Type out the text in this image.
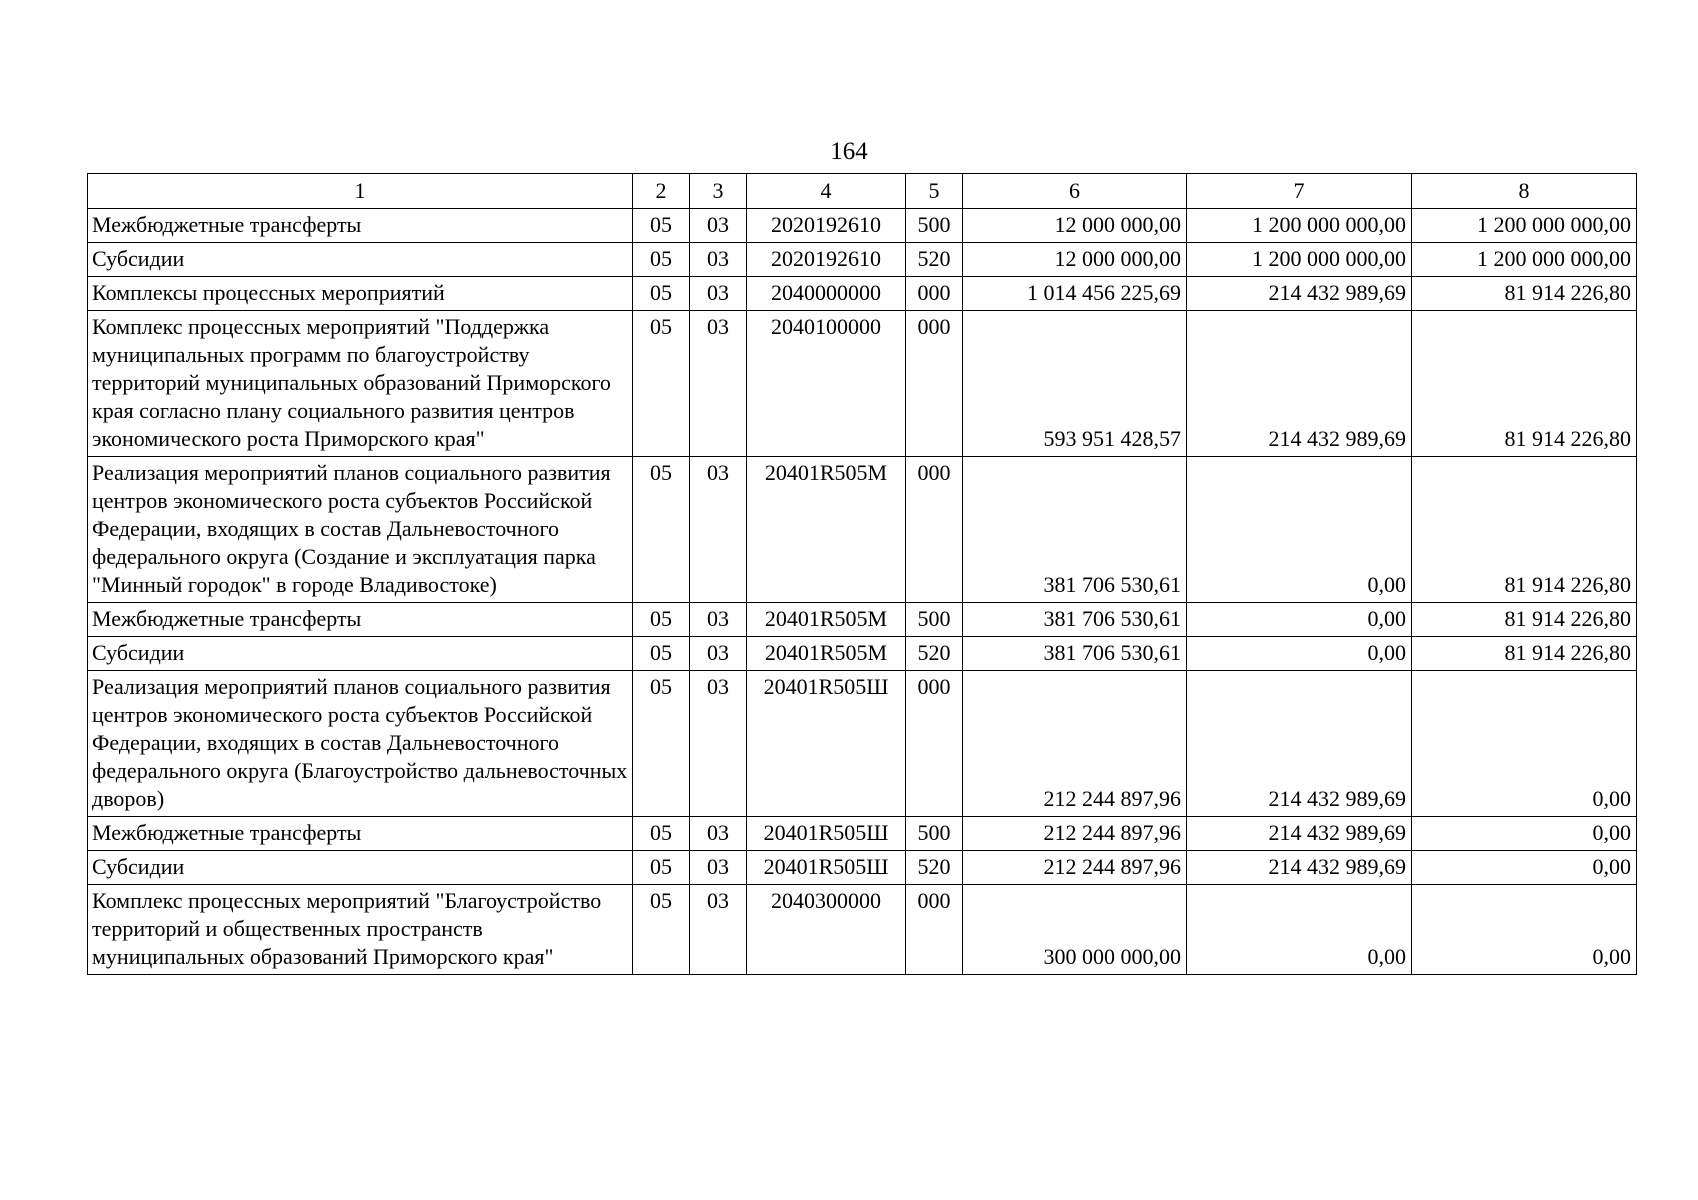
164
1	2	3	4	5	6	7	8
Межбюджетные трансферты	05	03	2020192610	500	12 000 000,00	1 200 000 000,00	1 200 000 000,00
Субсидии	05	03	2020192610	520	12 000 000,00	1 200 000 000,00	1 200 000 000,00
Комплексы процессных мероприятий	05	03	2040000000	000	1 014 456 225,69	214 432 989,69	81 914 226,80
Комплекс процессных мероприятий "Поддержка муниципальных программ по благоустройству территорий муниципальных образований Приморского края согласно плану социального развития центров экономического роста Приморского края"	05	03	2040100000	000	593 951 428,57	214 432 989,69	81 914 226,80
Реализация мероприятий планов социального развития центров экономического роста субъектов Российской Федерации, входящих в состав Дальневосточного федерального округа (Создание и эксплуатация парка "Минный городок" в городе Владивостоке)	05	03	20401R505M	000	381 706 530,61	0,00	81 914 226,80
Межбюджетные трансферты	05	03	20401R505M	500	381 706 530,61	0,00	81 914 226,80
Субсидии	05	03	20401R505M	520	381 706 530,61	0,00	81 914 226,80
Реализация мероприятий планов социального развития центров экономического роста субъектов Российской Федерации, входящих в состав Дальневосточного федерального округа (Благоустройство дальневосточных дворов)	05	03	20401R505Ш	000	212 244 897,96	214 432 989,69	0,00
Межбюджетные трансферты	05	03	20401R505Ш	500	212 244 897,96	214 432 989,69	0,00
Субсидии	05	03	20401R505Ш	520	212 244 897,96	214 432 989,69	0,00
Комплекс процессных мероприятий "Благоустройство территорий и общественных пространств муниципальных образований Приморского края"	05	03	2040300000	000	300 000 000,00	0,00	0,00
